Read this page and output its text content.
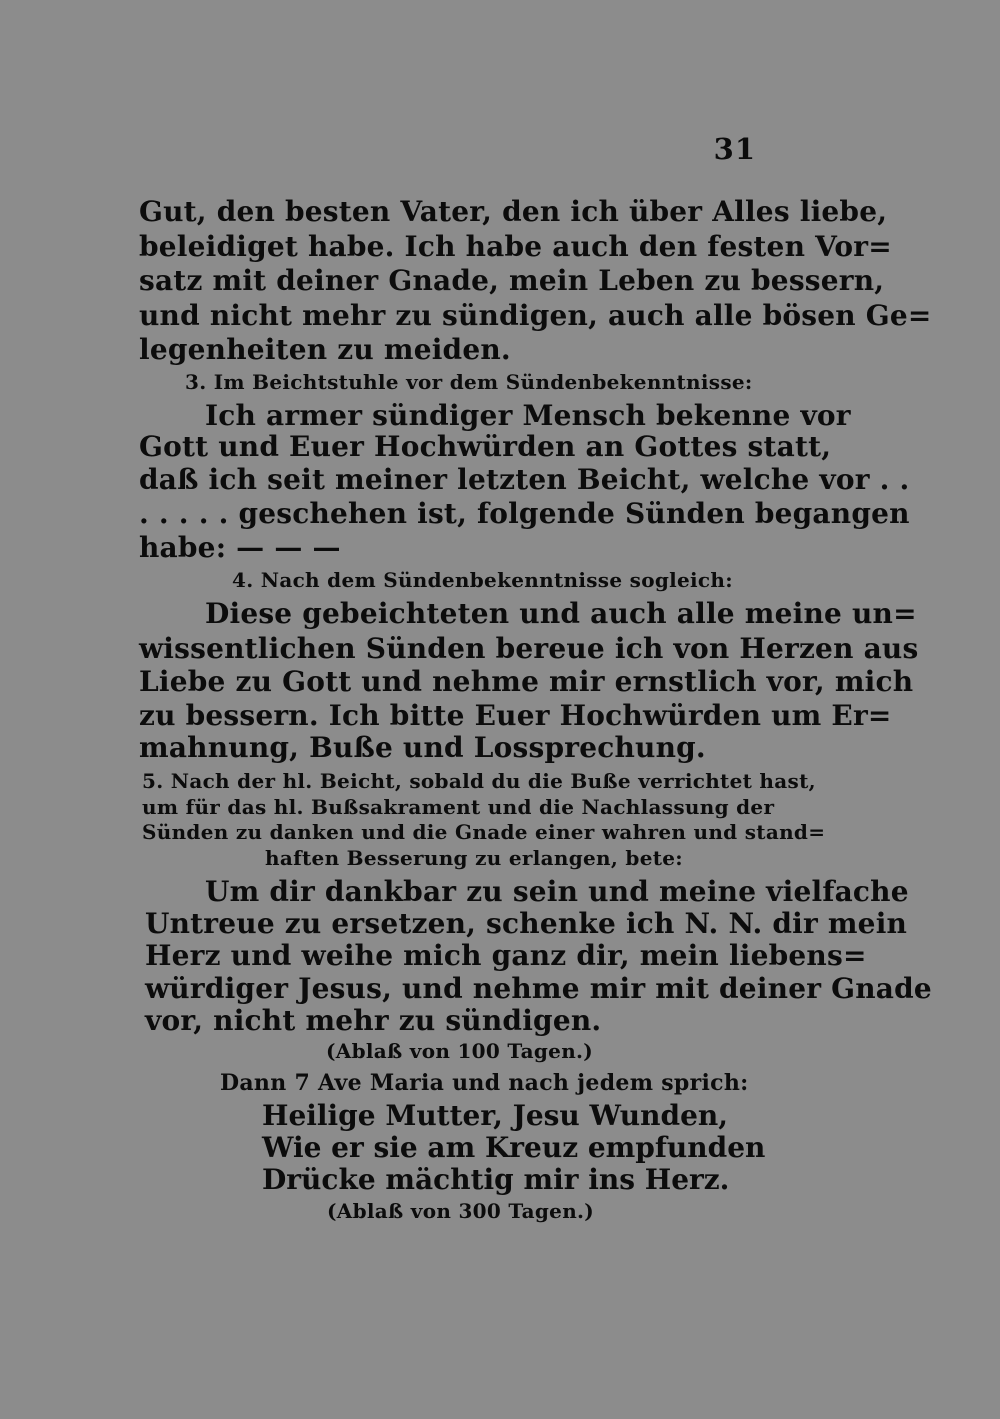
31
Gut, den besten Vater, den ich über Alles liebe,
beleidiget habe. Ich habe auch den festen Vor=
satz mit deiner Gnade, mein Leben zu bessern,
und nicht mehr zu sündigen, auch alle bösen Ge=
legenheiten zu meiden.
3. Im Beichtstuhle vor dem Sündenbekenntnisse:
Ich armer sündiger Mensch bekenne vor
Gott und Euer Hochwürden an Gottes statt,
daß ich seit meiner letzten Beicht, welche vor . .
. . . . . geschehen ist, folgende Sünden begangen
habe: — — —
4. Nach dem Sündenbekenntnisse sogleich:
Diese gebeichteten und auch alle meine un=
wissentlichen Sünden bereue ich von Herzen aus
Liebe zu Gott und nehme mir ernstlich vor, mich
zu bessern. Ich bitte Euer Hochwürden um Er=
mahnung, Buße und Lossprechung.
5. Nach der hl. Beicht, sobald du die Buße verrichtet hast,
um für das hl. Bußsakrament und die Nachlassung der
Sünden zu danken und die Gnade einer wahren und stand=
haften Besserung zu erlangen, bete:
Um dir dankbar zu sein und meine vielfache
Untreue zu ersetzen, schenke ich N. N. dir mein
Herz und weihe mich ganz dir, mein liebens=
würdiger Jesus, und nehme mir mit deiner Gnade
vor, nicht mehr zu sündigen.
(Ablaß von 100 Tagen.)
Dann 7 Ave Maria und nach jedem sprich:
Heilige Mutter, Jesu Wunden,
Wie er sie am Kreuz empfunden
Drücke mächtig mir ins Herz.
(Ablaß von 300 Tagen.)
